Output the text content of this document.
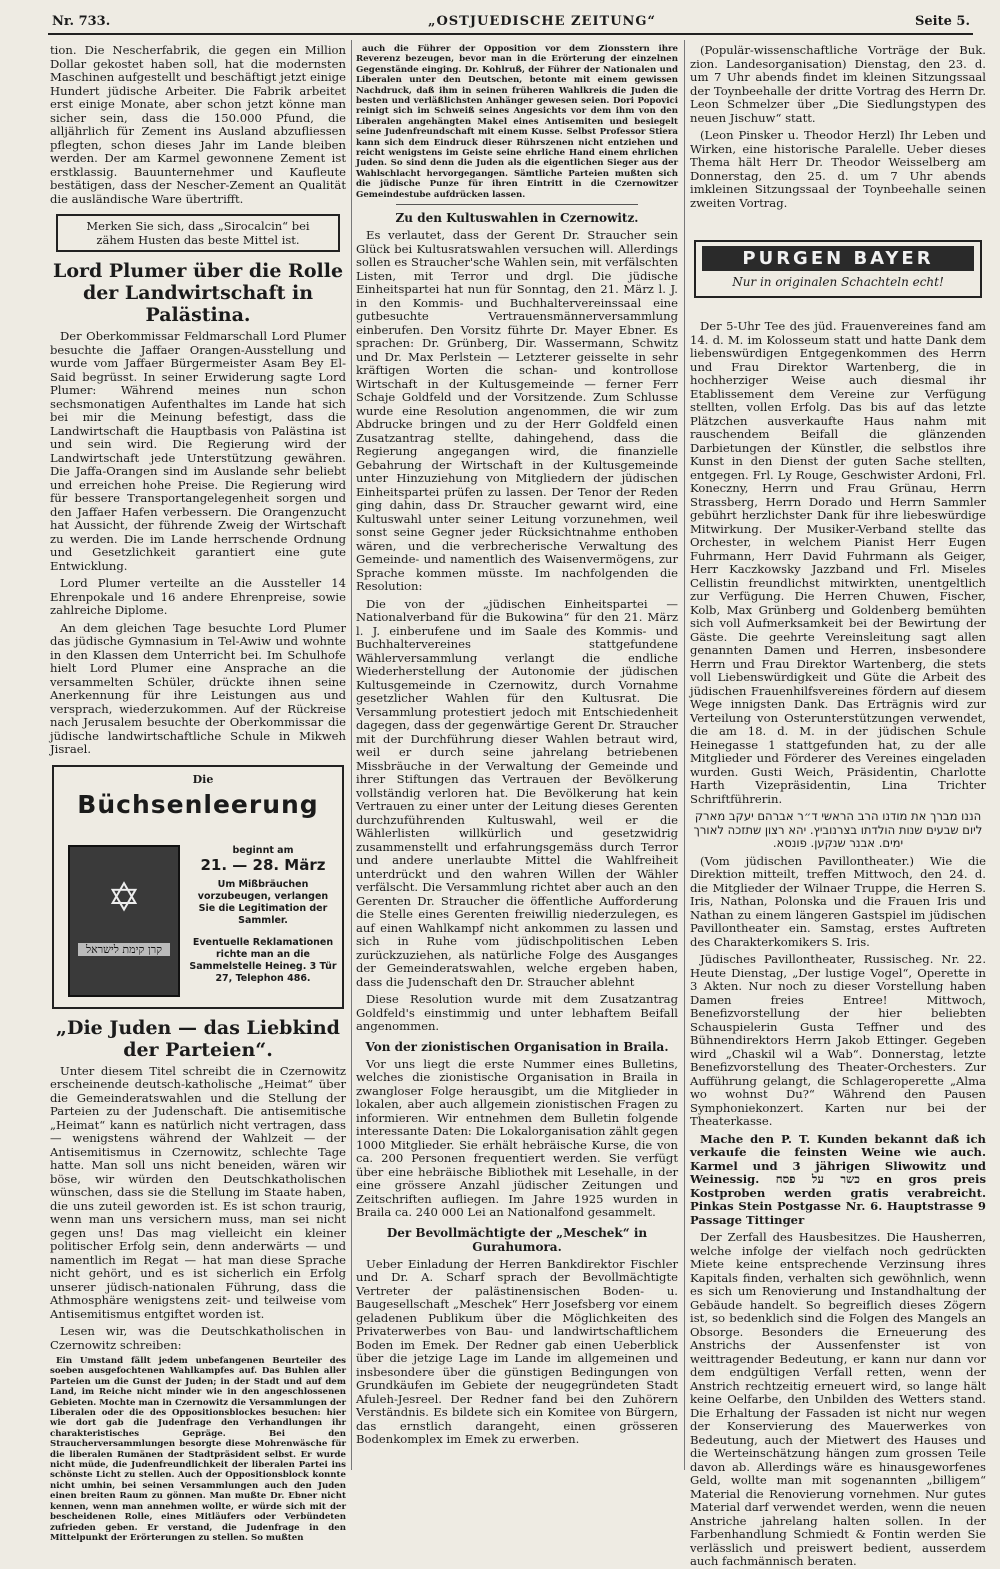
Nr. 733.	„OSTJUEDISCHE ZEITUNG“	Seite 5.

tion. Die Nescherfabrik, die gegen ein Million Dollar gekostet haben soll, hat die modernsten Maschinen aufgestellt und beschäftigt jetzt einige Hundert jüdische Arbeiter. Die Fabrik arbeitet erst einige Monate, aber schon jetzt könne man sicher sein, dass die 150.000 Pfund, die alljährlich für Zement ins Ausland abzufliessen pflegten, schon dieses Jahr im Lande bleiben werden. Der am Karmel gewonnene Zement ist erstklassig. Bauunternehmer und Kaufleute bestätigen, dass der Nescher-Zement an Qualität die ausländische Ware übertrifft.

Merken Sie sich, dass „Sirocalcin“ bei zähem Husten das beste Mittel ist.
Lord Plumer über die Rolle der Landwirtschaft in Palästina.

Der Oberkommissar Feldmarschall Lord Plumer besuchte die Jaffaer Orangen-Ausstellung und wurde vom Jaffaer Bürgermeister Asam Bey El-Said begrüsst. In seiner Erwiderung sagte Lord Plumer: Während meines nun schon sechsmonatigen Aufenthaltes im Lande hat sich bei mir die Meinung befestigt, dass die Landwirtschaft die Hauptbasis von Palästina ist und sein wird. Die Regierung wird der Landwirtschaft jede Unterstützung gewähren. Die Jaffa-Orangen sind im Auslande sehr beliebt und erreichen hohe Preise. Die Regierung wird für bessere Transportangelegenheit sorgen und den Jaffaer Hafen verbessern. Die Orangenzucht hat Aussicht, der führende Zweig der Wirtschaft zu werden. Die im Lande herrschende Ordnung und Gesetzlichkeit garantiert eine gute Entwicklung.

Lord Plumer verteilte an die Aussteller 14 Ehrenpokale und 16 andere Ehrenpreise, sowie zahlreiche Diplome.

An dem gleichen Tage besuchte Lord Plumer das jüdische Gymnasium in Tel-Awiw und wohnte in den Klassen dem Unterricht bei. Im Schulhofe hielt Lord Plumer eine Ansprache an die versammelten Schüler, drückte ihnen seine Anerkennung für ihre Leistungen aus und versprach, wiederzukommen. Auf der Rückreise nach Jerusalem besuchte der Oberkommissar die jüdische landwirtschaftliche Schule in Mikweh Jisrael.

Die

Büchsenleerung
✡
קרן קימת לישראל
beginnt am
21. — 28. März
Um Mißbräuchen vorzubeugen, verlangen Sie die Legitimation der Sammler.
Eventuelle Reklamationen richte man an die Sammelstelle Heineg. 3 Tür 27, Telephon 486.
„Die Juden — das Liebkind der Parteien“.

Unter diesem Titel schreibt die in Czernowitz erscheinende deutsch-katholische „Heimat“ über die Gemeinderatswahlen und die Stellung der Parteien zu der Judenschaft. Die antisemitische „Heimat“ kann es natürlich nicht vertragen, dass — wenigstens während der Wahlzeit — der Antisemitismus in Czernowitz, schlechte Tage hatte. Man soll uns nicht beneiden, wären wir böse, wir würden den Deutschkatholischen wünschen, dass sie die Stellung im Staate haben, die uns zuteil geworden ist. Es ist schon traurig, wenn man uns versichern muss, man sei nicht gegen uns! Das mag vielleicht ein kleiner politischer Erfolg sein, denn anderwärts — und namentlich im Regat — hat man diese Sprache nicht gehört, und es ist sicherlich ein Erfolg unserer jüdisch-nationalen Führung, dass die Athmosphäre wenigstens zeit- und teilweise vom Antisemitismus entgiftet worden ist.

Lesen wir, was die Deutschkatholischen in Czernowitz schreiben:

Ein Umstand fällt jedem unbefangenen Beurteiler des soeben ausgefochtenen Wahlkampfes auf. Das Buhlen aller Parteien um die Gunst der Juden; in der Stadt und auf dem Land, im Reiche nicht minder wie in den angeschlossenen Gebieten. Mochte man in Czernowitz die Versammlungen der Liberalen oder die des Oppositionsblockes besuchen: hier wie dort gab die Judenfrage den Verhandlungen ihr charakteristisches Gepräge. Bei den Straucherversammlungen besorgte diese Mohrenwäsche für die liberalen Rumänen der Stadtpräsident selbst. Er wurde nicht müde, die Judenfreundlichkeit der liberalen Partei ins schönste Licht zu stellen. Auch der Oppositionsblock konnte nicht umhin, bei seinen Versammlungen auch den Juden einen breiten Raum zu gönnen. Man mußte Dr. Ebner nicht kennen, wenn man annehmen wollte, er würde sich mit der bescheidenen Rolle, eines Mitläufers oder Verbündeten zufrieden geben. Er verstand, die Judenfrage in den Mittelpunkt der Erörterungen zu stellen. So mußten

auch die Führer der Opposition vor dem Zionsstern ihre Reverenz bezeugen, bevor man in die Erörterung der einzelnen Gegenstände einging. Dr. Kohlruß, der Führer der Nationalen und Liberalen unter den Deutschen, betonte mit einem gewissen Nachdruck, daß ihm in seinen früheren Wahlkreis die Juden die besten und verläßlichsten Anhänger gewesen seien. Dori Popovici reinigt sich im Schweiß seines Angesichts vor dem ihm von den Liberalen angehängten Makel eines Antisemiten und besiegelt seine Judenfreundschaft mit einem Kusse. Selbst Professor Stiera kann sich dem Eindruck dieser Rührszenen nicht entziehen und reicht wenigstens im Geiste seine ehrliche Hand einem ehrlichen Juden. So sind denn die Juden als die eigentlichen Sieger aus der Wahlschlacht hervorgegangen. Sämtliche Parteien mußten sich die jüdische Punze für ihren Eintritt in die Czernowitzer Gemeindestube aufdrücken lassen.

Zu den Kultuswahlen in Czernowitz.

Es verlautet, dass der Gerent Dr. Straucher sein Glück bei Kultusratswahlen versuchen will. Allerdings sollen es Straucher'sche Wahlen sein, mit verfälschten Listen, mit Terror und drgl. Die jüdische Einheitspartei hat nun für Sonntag, den 21. März l. J. in den Kommis- und Buchhaltervereinssaal eine gutbesuchte Vertrauensmännerversammlung einberufen. Den Vorsitz führte Dr. Mayer Ebner. Es sprachen: Dr. Grünberg, Dir. Wassermann, Schwitz und Dr. Max Perlstein — Letzterer geisselte in sehr kräftigen Worten die schan- und kontrollose Wirtschaft in der Kultusgemeinde — ferner Ferr Schaje Goldfeld und der Vorsitzende. Zum Schlusse wurde eine Resolution angenommen, die wir zum Abdrucke bringen und zu der Herr Goldfeld einen Zusatzantrag stellte, dahingehend, dass die Regierung angegangen wird, die finanzielle Gebahrung der Wirtschaft in der Kultusgemeinde unter Hinzuziehung von Mitgliedern der jüdischen Einheitspartei prüfen zu lassen. Der Tenor der Reden ging dahin, dass Dr. Straucher gewarnt wird, eine Kultuswahl unter seiner Leitung vorzunehmen, weil sonst seine Gegner jeder Rücksichtnahme enthoben wären, und die verbrecherische Verwaltung des Gemeinde- und namentlich des Waisenvermögens, zur Sprache kommen müsste. Im nachfolgenden die Resolution:

Die von der „jüdischen Einheitspartei — Nationalverband für die Bukowina“ für den 21. März l. J. einberufene und im Saale des Kommis- und Buchhaltervereines stattgefundene Wählerversammlung verlangt die endliche Wiederherstellung der Autonomie der jüdischen Kultusgemeinde in Czernowitz, durch Vornahme gesetzlicher Wahlen für den Kultusrat. Die Versammlung protestiert jedoch mit Entschiedenheit dagegen, dass der gegenwärtige Gerent Dr. Straucher mit der Durchführung dieser Wahlen betraut wird, weil er durch seine jahrelang betriebenen Missbräuche in der Verwaltung der Gemeinde und ihrer Stiftungen das Vertrauen der Bevölkerung vollständig verloren hat. Die Bevölkerung hat kein Vertrauen zu einer unter der Leitung dieses Gerenten durchzuführenden Kultuswahl, weil er die Wählerlisten willkürlich und gesetzwidrig zusammenstellt und erfahrungsgemäss durch Terror und andere unerlaubte Mittel die Wahlfreiheit unterdrückt und den wahren Willen der Wähler verfälscht. Die Versammlung richtet aber auch an den Gerenten Dr. Straucher die öffentliche Aufforderung die Stelle eines Gerenten freiwillig niederzulegen, es auf einen Wahlkampf nicht ankommen zu lassen und sich in Ruhe vom jüdischpolitischen Leben zurückzuziehen, als natürliche Folge des Ausganges der Gemeinderatswahlen, welche ergeben haben, dass die Judenschaft den Dr. Straucher ablehnt

Diese Resolution wurde mit dem Zusatzantrag Goldfeld's einstimmig und unter lebhaftem Beifall angenommen.

Von der zionistischen Organisation in Braila.

Vor uns liegt die erste Nummer eines Bulletins, welches die zionistische Organisation in Braila in zwangloser Folge herausgibt, um die Mitglieder in lokalen, aber auch allgemein zionistischen Fragen zu informieren. Wir entnehmen dem Bulletin folgende interessante Daten: Die Lokalorganisation zählt gegen 1000 Mitglieder. Sie erhält hebräische Kurse, die von ca. 200 Personen frequentiert werden. Sie verfügt über eine hebräische Bibliothek mit Lesehalle, in der eine grössere Anzahl jüdischer Zeitungen und Zeitschriften aufliegen. Im Jahre 1925 wurden in Braila ca. 240 000 Lei an Nationalfond gesammelt.

Der Bevollmächtigte der „Meschek“ in Gurahumora.

Ueber Einladung der Herren Bankdirektor Fischler und Dr. A. Scharf sprach der Bevollmächtigte Vertreter der palästinensischen Boden- u. Baugesellschaft „Meschek“ Herr Josefsberg vor einem geladenen Publikum über die Möglichkeiten des Privaterwerbes von Bau- und landwirtschaftlichem Boden im Emek. Der Redner gab einen Ueberblick über die jetzige Lage im Lande im allgemeinen und insbesondere über die günstigen Bedingungen von Grundkäufen im Gebiete der neugegründeten Stadt Afuleh-Jesreel. Der Redner fand bei den Zuhörern Verständnis. Es bildete sich ein Komitee von Bürgern, das ernstlich darangeht, einen grösseren Bodenkomplex im Emek zu erwerben.

(Populär-wissenschaftliche Vorträge der Buk. zion. Landesorganisation) Dienstag, den 23. d. um 7 Uhr abends findet im kleinen Sitzungssaal der Toynbeehalle der dritte Vortrag des Herrn Dr. Leon Schmelzer über „Die Siedlungstypen des neuen Jischuw“ statt.

(Leon Pinsker u. Theodor Herzl) Ihr Leben und Wirken, eine historische Paralelle. Ueber dieses Thema hält Herr Dr. Theodor Weisselberg am Donnerstag, den 25. d. um 7 Uhr abends imkleinen Sitzungssaal der Toynbeehalle seinen zweiten Vortrag.

PURGEN BAYER
Nur in originalen Schachteln echt!

Der 5-Uhr Tee des jüd. Frauenvereines fand am 14. d. M. im Kolosseum statt und hatte Dank dem liebenswürdigen Entgegenkommen des Herrn und Frau Direktor Wartenberg, die in hochherziger Weise auch diesmal ihr Etablissement dem Vereine zur Verfügung stellten, vollen Erfolg. Das bis auf das letzte Plätzchen ausverkaufte Haus nahm mit rauschendem Beifall die glänzenden Darbietungen der Künstler, die selbstlos ihre Kunst in den Dienst der guten Sache stellten, entgegen. Frl. Ly Rouge, Geschwister Ardoni, Frl. Koneczny, Herrn und Frau Grünau, Herrn Strassberg, Herrn Dorado und Herrn Sammler gebührt herzlichster Dank für ihre liebeswürdige Mitwirkung. Der Musiker-Verband stellte das Orchester, in welchem Pianist Herr Eugen Fuhrmann, Herr David Fuhrmann als Geiger, Herr Kaczkowsky Jazzband und Frl. Miseles Cellistin freundlichst mitwirkten, unentgeltlich zur Verfügung. Die Herren Chuwen, Fischer, Kolb, Max Grünberg und Goldenberg bemühten sich voll Aufmerksamkeit bei der Bewirtung der Gäste. Die geehrte Vereinsleitung sagt allen genannten Damen und Herren, insbesondere Herrn und Frau Direktor Wartenberg, die stets voll Liebenswürdigkeit und Güte die Arbeit des jüdischen Frauenhilfsvereines fördern auf diesem Wege innigsten Dank. Das Erträgnis wird zur Verteilung von Osterunterstützungen verwendet, die am 18. d. M. in der jüdischen Schule Heinegasse 1 stattgefunden hat, zu der alle Mitglieder und Förderer des Vereines eingeladen wurden. Gusti Weich, Präsidentin, Charlotte Harth Vizepräsidentin, Lina Trichter Schriftführerin.

הננו מברך את מודנו הרב הראשי ד״ר אברהם יעקב מארק ליום שבעים שנות הולדתו בצרנוביץ. יהא רצון שתזכה לאורך ימים. אבנר שנקען. פונסא.

(Vom jüdischen Pavillontheater.) Wie die Direktion mitteilt, treffen Mittwoch, den 24. d. die Mitglieder der Wilnaer Truppe, die Herren S. Iris, Nathan, Polonska und die Frauen Iris und Nathan zu einem längeren Gastspiel im jüdischen Pavillontheater ein. Samstag, erstes Auftreten des Charakterkomikers S. Iris.

Jüdisches Pavillontheater, Russischeg. Nr. 22. Heute Dienstag, „Der lustige Vogel“, Operette in 3 Akten. Nur noch zu dieser Vorstellung haben Damen freies Entree! Mittwoch, Benefizvorstellung der hier beliebten Schauspielerin Gusta Teffner und des Bühnendirektors Herrn Jakob Ettinger. Gegeben wird „Chaskil wil a Wab“. Donnerstag, letzte Benefizvorstellung des Theater-Orchesters. Zur Aufführung gelangt, die Schlageroperette „Alma wo wohnst Du?“ Während den Pausen Symphoniekonzert. Karten nur bei der Theaterkasse.

Mache den P. T. Kunden bekannt daß ich verkaufe die feinsten Weine wie auch. Karmel und 3 jährigen Sliwowitz und Weinessig. כשר על פסח en gros preis Kostproben werden gratis verabreicht. Pinkas Stein Postgasse Nr. 6. Hauptstrasse 9 Passage Tittinger

Der Zerfall des Hausbesitzes. Die Hausherren, welche infolge der vielfach noch gedrückten Miete keine entsprechende Verzinsung ihres Kapitals finden, verhalten sich gewöhnlich, wenn es sich um Renovierung und Instandhaltung der Gebäude handelt. So begreiflich dieses Zögern ist, so bedenklich sind die Folgen des Mangels an Obsorge. Besonders die Erneuerung des Anstrichs der Aussenfenster ist von weittragender Bedeutung, er kann nur dann vor dem endgültigen Verfall retten, wenn der Anstrich rechtzeitig erneuert wird, so lange hält keine Oelfarbe, den Unbilden des Wetters stand. Die Erhaltung der Fassaden ist nicht nur wegen der Konservierung des Mauerwerkes von Bedeutung, auch der Mietwert des Hauses und die Werteinschätzung hängen zum grossen Teile davon ab. Allerdings wäre es hinausgeworfenes Geld, wollte man mit sogenannten „billigem“ Material die Renovierung vornehmen. Nur gutes Material darf verwendet werden, wenn die neuen Anstriche jahrelang halten sollen. In der Farbenhandlung Schmiedt & Fontin werden Sie verlässlich und preiswert bedient, ausserdem auch fachmännisch beraten.
